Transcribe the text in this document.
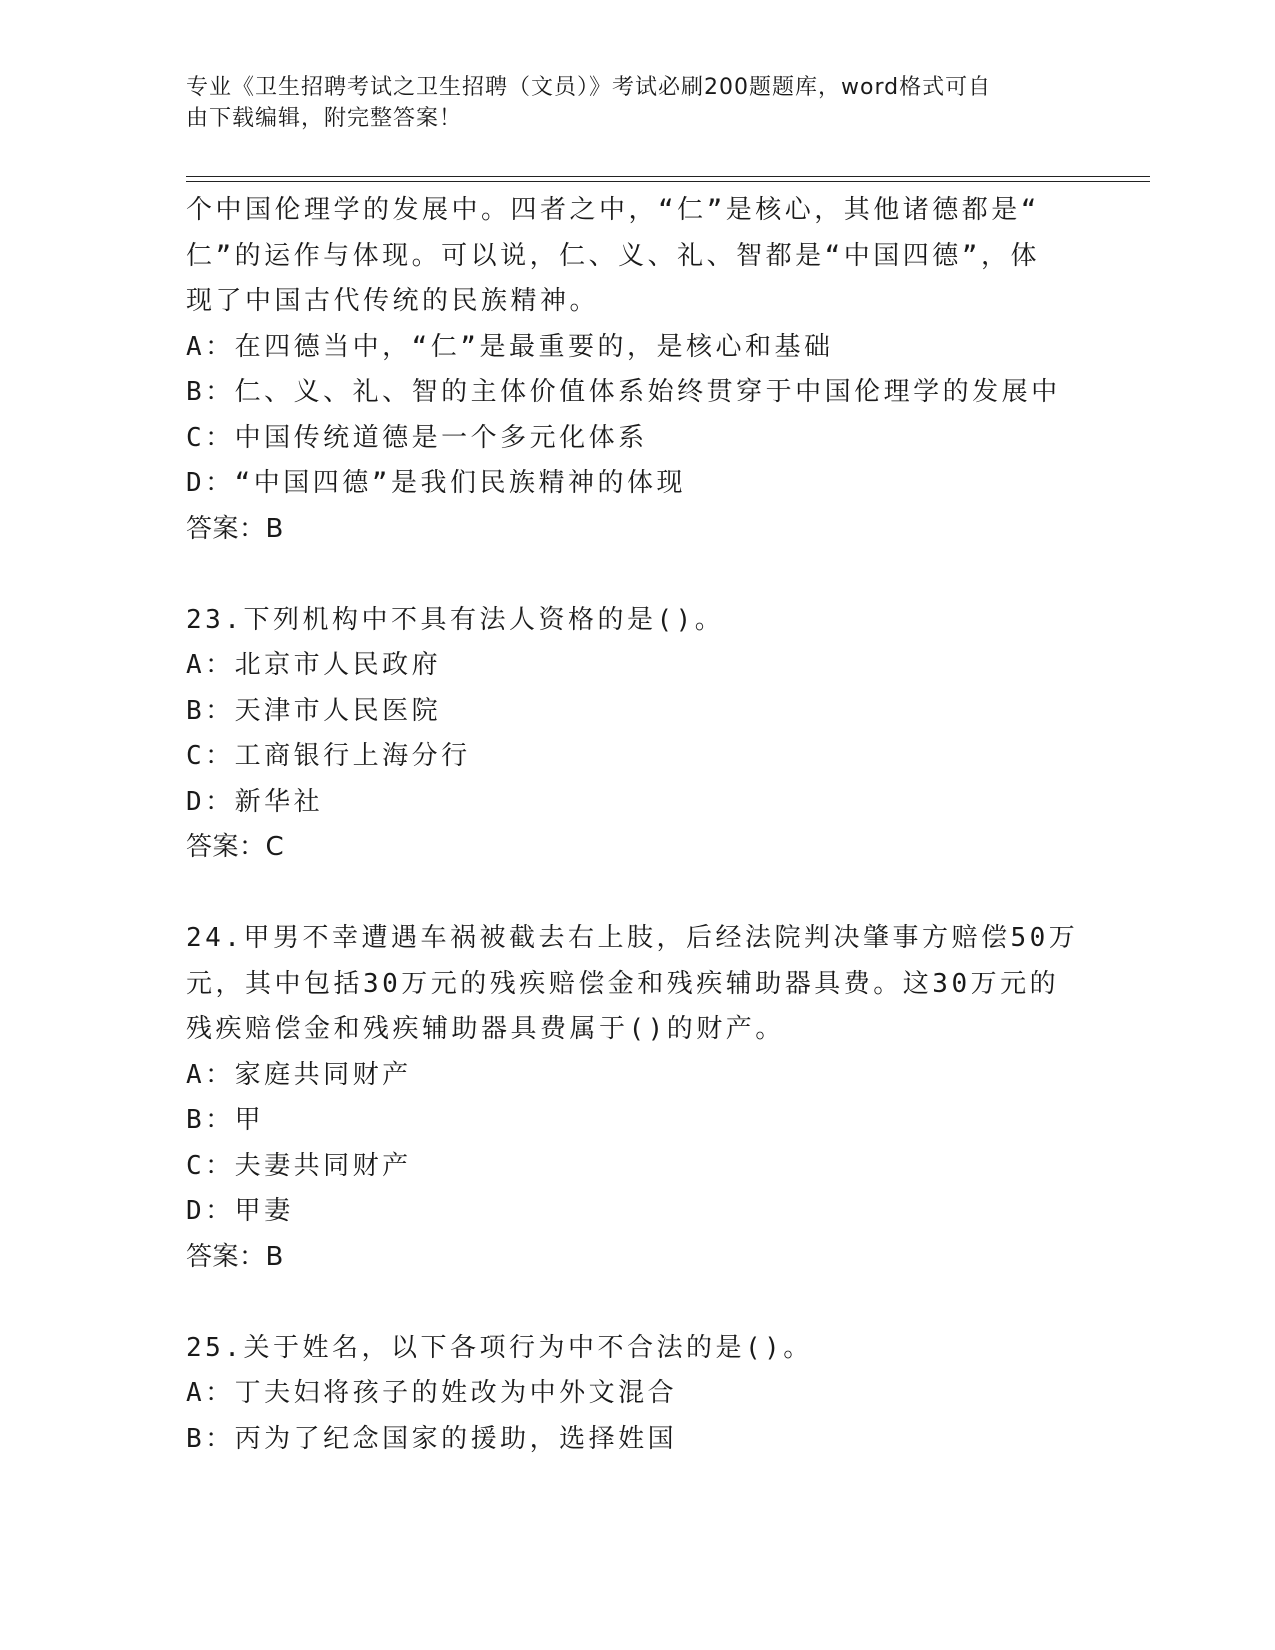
专业《卫生招聘考试之卫生招聘（文员）》考试必刷200题题库，word格式可自
由下载编辑，附完整答案！
个中国伦理学的发展中。四者之中，“仁”是核心，其他诸德都是“
仁”的运作与体现。可以说，仁、义、礼、智都是“中国四德”，体
现了中国古代传统的民族精神。
A：在四德当中，“仁”是最重要的，是核心和基础
B：仁、义、礼、智的主体价值体系始终贯穿于中国伦理学的发展中
C：中国传统道德是一个多元化体系
D：“中国四德”是我们民族精神的体现
答案：B
23.下列机构中不具有法人资格的是()。
A：北京市人民政府
B：天津市人民医院
C：工商银行上海分行
D：新华社
答案：C
24.甲男不幸遭遇车祸被截去右上肢，后经法院判决肇事方赔偿50万
元，其中包括30万元的残疾赔偿金和残疾辅助器具费。这30万元的
残疾赔偿金和残疾辅助器具费属于()的财产。
A：家庭共同财产
B：甲
C：夫妻共同财产
D：甲妻
答案：B
25.关于姓名，以下各项行为中不合法的是()。
A：丁夫妇将孩子的姓改为中外文混合
B：丙为了纪念国家的援助，选择姓国
